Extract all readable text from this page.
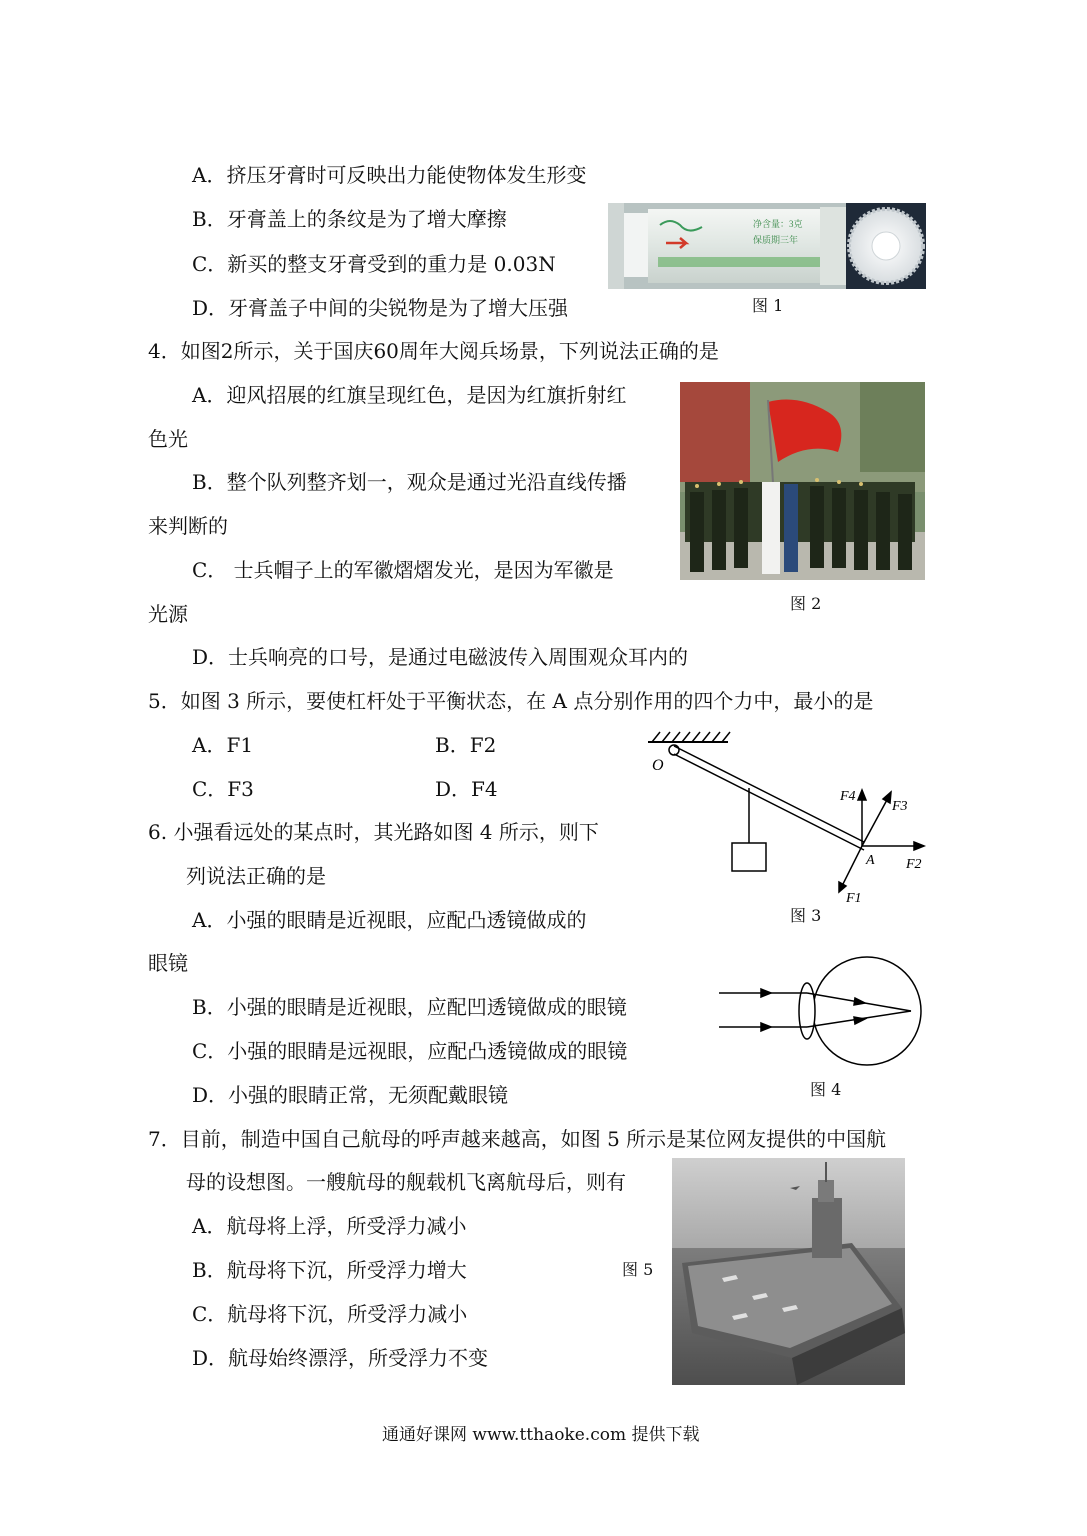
A．挤压牙膏时可反映出力能使物体发生形变
B．牙膏盖上的条纹是为了增大摩擦
C．新买的整支牙膏受到的重力是 0.03N
D．牙膏盖子中间的尖锐物是为了增大压强
净含量：3克
保质期三年
图 1
4．如图2所示，关于国庆60周年大阅兵场景，下列说法正确的是
A．迎风招展的红旗呈现红色，是因为红旗折射红
色光
B．整个队列整齐划一，观众是通过光沿直线传播
来判断的
C． 士兵帽子上的军徽熠熠发光，是因为军徽是
光源
D．士兵响亮的口号，是通过电磁波传入周围观众耳内的
图 2
5．如图 3 所示，要使杠杆处于平衡状态，在 A 点分别作用的四个力中，最小的是
A．F1	B．F2
C．F3	D．F4
O
F4
F3
A F2
F1
图 3
6. 小强看远处的某点时，其光路如图 4 所示，则下
列说法正确的是
A．小强的眼睛是近视眼，应配凸透镜做成的
眼镜
B．小强的眼睛是近视眼，应配凹透镜做成的眼镜
C．小强的眼睛是远视眼，应配凸透镜做成的眼镜
D．小强的眼睛正常，无须配戴眼镜	图 4
7．目前，制造中国自己航母的呼声越来越高，如图 5 所示是某位网友提供的中国航
母的设想图。一艘航母的舰载机飞离航母后，则有
A．航母将上浮，所受浮力减小
B．航母将下沉，所受浮力增大
C．航母将下沉，所受浮力减小
D．航母始终漂浮，所受浮力不变
图 5
通通好课网 www.tthaoke.com 提供下载
